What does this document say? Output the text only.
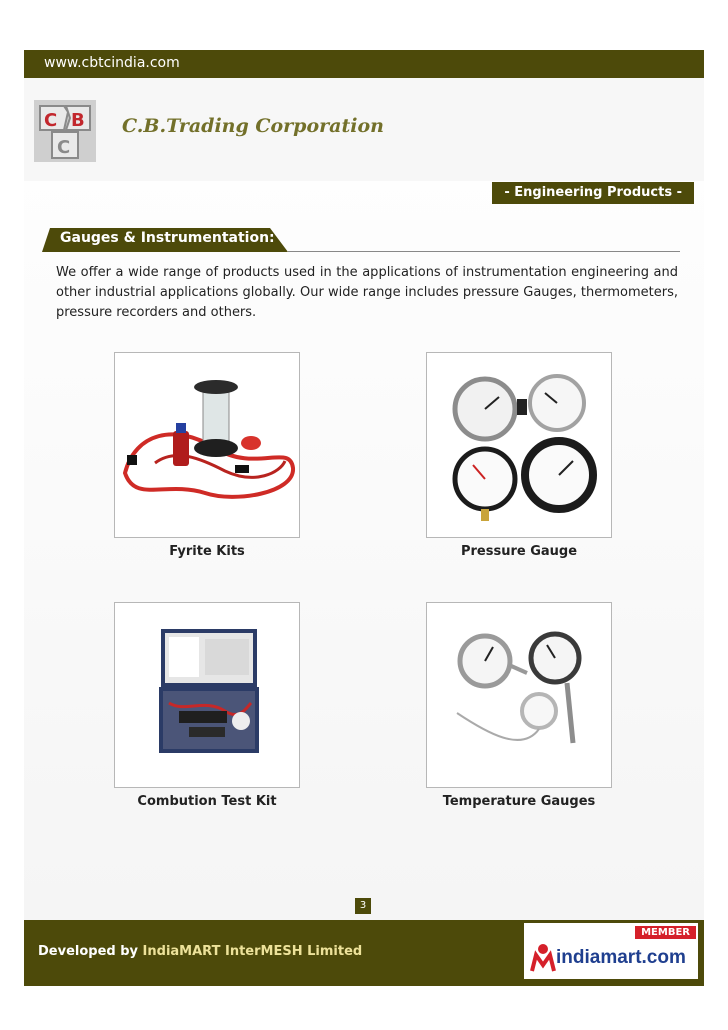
www.cbtcindia.com
C B
C
C.B.Trading Corporation
- Engineering Products -
Gauges & Instrumentation:

We offer a wide range of products used in the applications of instrumentation engineering and other industrial applications globally. Our wide range includes pressure Gauges, thermometers, pressure recorders and others.

Fyrite Kits	Pressure Gauge
Combution Test Kit	Temperature Gauges
3
Developed by IndiaMART InterMESH Limited
MEMBER
indiamart.com
